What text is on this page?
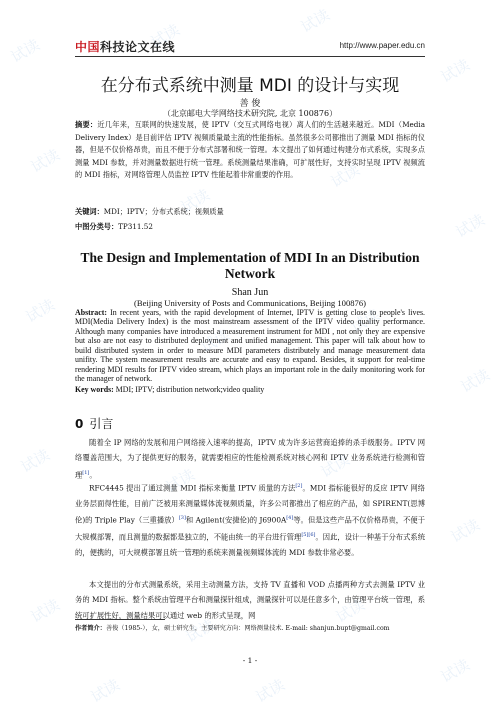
中国科技论文在线	http://www.paper.edu.cn
在分布式系统中测量 MDI 的设计与实现
善 俊
（北京邮电大学网络技术研究院, 北京 100876）
摘要：近几年来，互联网的快速发展，使 IPTV（交互式网络电视）离人们的生活越来越近。MDI（Media Delivery Index）是目前评估 IPTV 视频质量最主流的性能指标。虽然很多公司都推出了测量 MDI 指标的仪器，但是不仅价格昂贵，而且不便于分布式部署和统一管理。本文提出了如何通过构建分布式系统，实现多点测量 MDI 参数，并对测量数据进行统一管理。系统测量结果准确，可扩展性好，支持实时呈现 IPTV 视频流的 MDI 指标，对网络管理人员监控 IPTV 性能起着非常重要的作用。
关键词：MDI；IPTV；分布式系统；视频质量
中图分类号：TP311.52
The Design and Implementation of MDI In an Distribution Network
Shan Jun
(Beijing University of Posts and Communications, Beijing 100876)
Abstract: In recent years, with the rapid development of Internet, IPTV is getting close to people's lives. MDI(Media Delivery Index) is the most mainstream assessment of the IPTV video quality performance. Although many companies have introduced a measurement instrument for MDI , not only they are expensive but also are not easy to distributed deployment and unified management. This paper will talk about how to build distributed system in order to measure MDI parameters distributely and manage measurement data unifity. The system measurement results are accurate and easy to expand. Besides, it support for real-time rendering MDI results for IPTV video stream, which plays an important role in the daily monitoring work for the manager of network.
Key words: MDI; IPTV; distribution network;video quality
0 引言
随着全 IP 网络的发展和用户网络接入速率的提高，IPTV 成为许多运营商追捧的杀手级服务。IPTV 网络覆盖范围大，为了提供更好的服务，就需要相应的性能检测系统对核心网和 IPTV 业务系统进行检测和管理[1]。
RFC4445 提出了通过测量 MDI 指标来衡量 IPTV 质量的方法[2]。MDI 指标能很好的反应 IPTV 网络业务层面得性能，目前广泛被用来测量媒体流视频质量，许多公司都推出了相应的产品，如 SPIRENT(思博伦)的 Triple Play（三重播放）[3]和 Agilent(安捷伦)的 J6900A[4]等。但是这些产品不仅价格昂贵，不便于大规模部署，而且测量的数据都是独立的，不能由统一的平台进行管理[5][6]。因此，设计一种基于分布式系统的，便携的，可大规模部署且统一管理的系统来测量视频媒体流的 MDI 参数非常必要。
本文提出的分布式测量系统，采用主动测量方法，支持 TV 直播和 VOD 点播两种方式去测量 IPTV 业务的 MDI 指标。整个系统由管理平台和测量探针组成，测量探针可以是任意多个，由管理平台统一管理，系统可扩展性好，测量结果可以通过 web 的形式呈现，网
作者简介：善俊（1985-），女，硕士研究生，主要研究方向：网络测量技术. E-mail: shanjun.bupt@gmail.com
- 1 -
试读	试读	试读
试读
试读
试读
试读
试读
试读
试读
试读
试读
试读
试读	试读
试读
试读
试读
试读
试读
试读	试读
